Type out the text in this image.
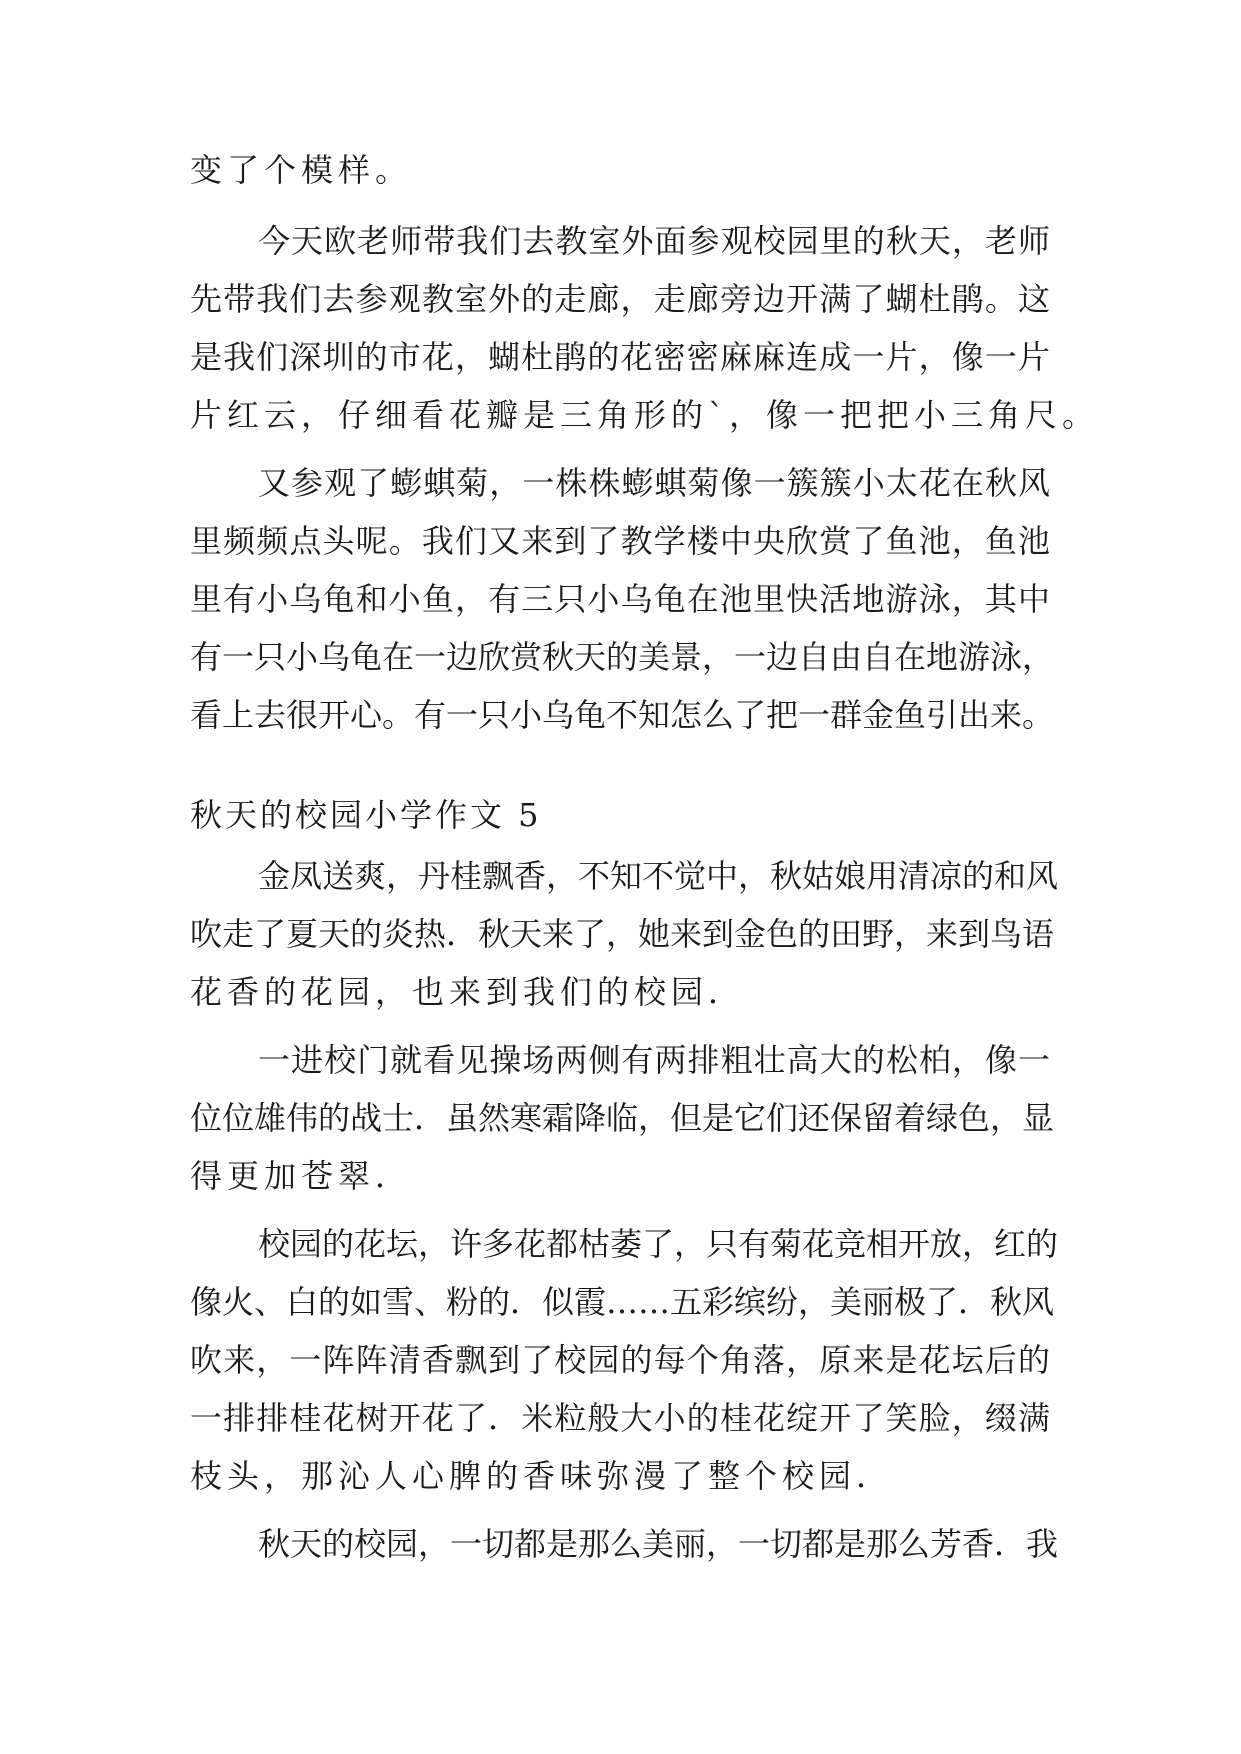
变了个模样。
今天欧老师带我们去教室外面参观校园里的秋天，老师
先带我们去参观教室外的走廊，走廊旁边开满了蝴杜鹃。这
是我们深圳的市花，蝴杜鹃的花密密麻麻连成一片，像一片
片红云，仔细看花瓣是三角形的`，像一把把小三角尺。
又参观了蟛蜞菊，一株株蟛蜞菊像一簇簇小太花在秋风
里频频点头呢。我们又来到了教学楼中央欣赏了鱼池，鱼池
里有小乌龟和小鱼，有三只小乌龟在池里快活地游泳，其中
有一只小乌龟在一边欣赏秋天的美景，一边自由自在地游泳，
看上去很开心。有一只小乌龟不知怎么了把一群金鱼引出来。
秋天的校园小学作文 5
金凤送爽，丹桂飘香，不知不觉中，秋姑娘用清凉的和风
吹走了夏天的炎热．秋天来了，她来到金色的田野，来到鸟语
花香的花园，也来到我们的校园．
一进校门就看见操场两侧有两排粗壮高大的松柏，像一
位位雄伟的战士．虽然寒霜降临，但是它们还保留着绿色，显
得更加苍翠．
校园的花坛，许多花都枯萎了，只有菊花竞相开放，红的
像火、白的如雪、粉的．似霞……五彩缤纷，美丽极了．秋风
吹来，一阵阵清香飘到了校园的每个角落，原来是花坛后的
一排排桂花树开花了．米粒般大小的桂花绽开了笑脸，缀满
枝头，那沁人心脾的香味弥漫了整个校园．
秋天的校园，一切都是那么美丽，一切都是那么芳香．我
